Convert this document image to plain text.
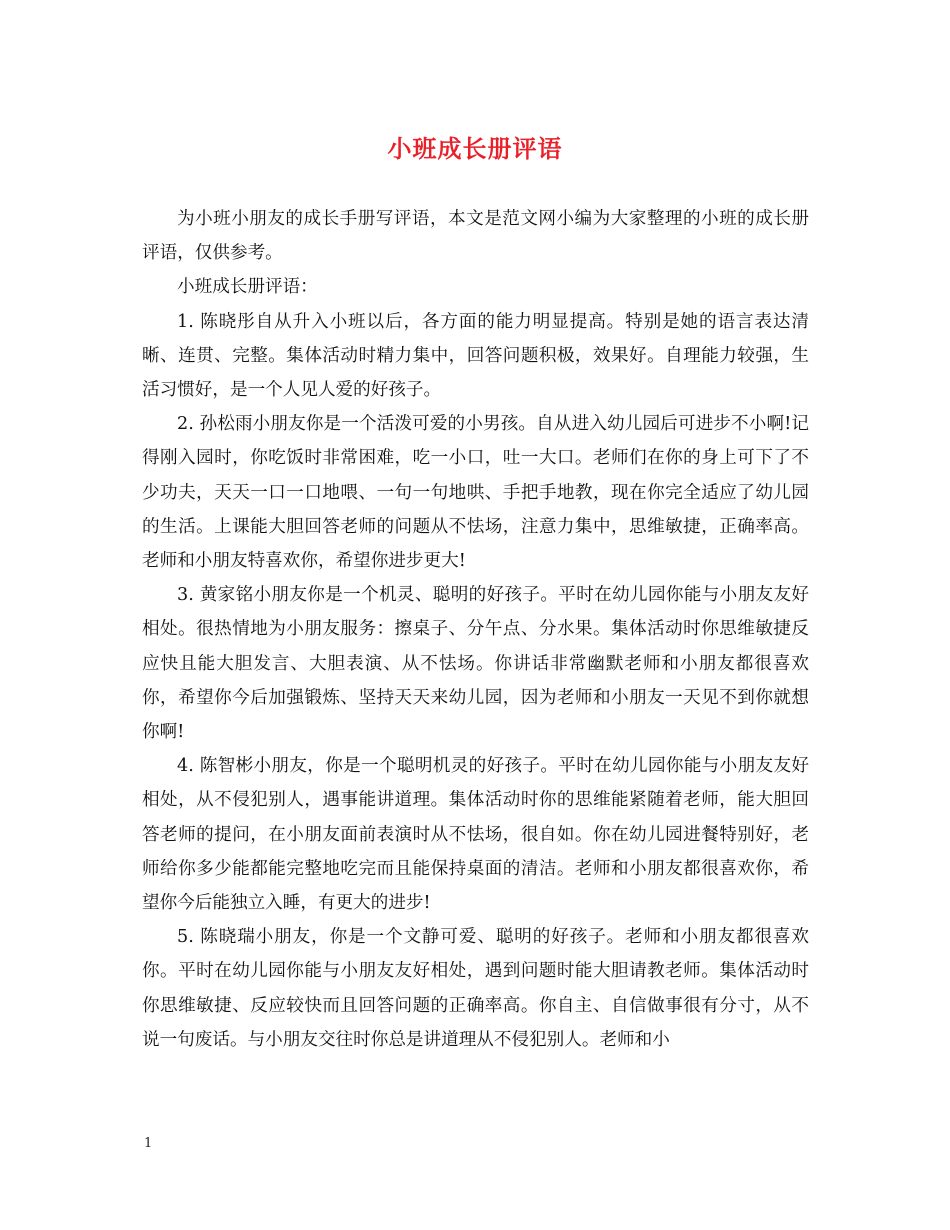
小班成长册评语

为小班小朋友的成长手册写评语，本文是范文网小编为大家整理的小班的成长册评语，仅供参考。

小班成长册评语：

1. 陈晓彤自从升入小班以后，各方面的能力明显提高。特别是她的语言表达清晰、连贯、完整。集体活动时精力集中，回答问题积极，效果好。自理能力较强，生活习惯好，是一个人见人爱的好孩子。

2. 孙松雨小朋友你是一个活泼可爱的小男孩。自从进入幼儿园后可进步不小啊!记得刚入园时，你吃饭时非常困难，吃一小口，吐一大口。老师们在你的身上可下了不少功夫，天天一口一口地喂、一句一句地哄、手把手地教，现在你完全适应了幼儿园的生活。上课能大胆回答老师的问题从不怯场，注意力集中，思维敏捷，正确率高。老师和小朋友特喜欢你，希望你进步更大!

3. 黄家铭小朋友你是一个机灵、聪明的好孩子。平时在幼儿园你能与小朋友友好相处。很热情地为小朋友服务：擦桌子、分午点、分水果。集体活动时你思维敏捷反应快且能大胆发言、大胆表演、从不怯场。你讲话非常幽默老师和小朋友都很喜欢你，希望你今后加强锻炼、坚持天天来幼儿园，因为老师和小朋友一天见不到你就想你啊!

4. 陈智彬小朋友，你是一个聪明机灵的好孩子。平时在幼儿园你能与小朋友友好相处，从不侵犯别人，遇事能讲道理。集体活动时你的思维能紧随着老师，能大胆回答老师的提问，在小朋友面前表演时从不怯场，很自如。你在幼儿园进餐特别好，老师给你多少能都能完整地吃完而且能保持桌面的清洁。老师和小朋友都很喜欢你，希望你今后能独立入睡，有更大的进步!

5. 陈晓瑞小朋友，你是一个文静可爱、聪明的好孩子。老师和小朋友都很喜欢你。平时在幼儿园你能与小朋友友好相处，遇到问题时能大胆请教老师。集体活动时你思维敏捷、反应较快而且回答问题的正确率高。你自主、自信做事很有分寸，从不说一句废话。与小朋友交往时你总是讲道理从不侵犯别人。老师和小

1
